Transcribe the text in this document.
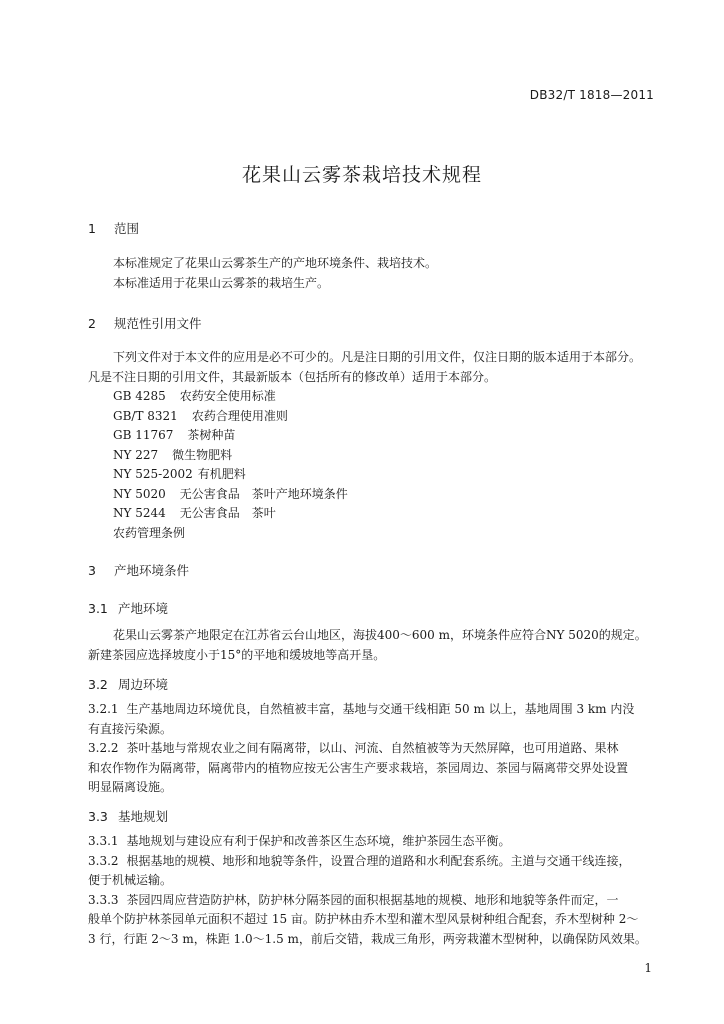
DB32/T 1818—2011
花果山云雾茶栽培技术规程
1 范围
本标准规定了花果山云雾茶生产的产地环境条件、栽培技术。
本标准适用于花果山云雾茶的栽培生产。
2 规范性引用文件
下列文件对于本文件的应用是必不可少的。凡是注日期的引用文件，仅注日期的版本适用于本部分。
凡是不注日期的引用文件，其最新版本（包括所有的修改单）适用于本部分。
GB 4285 农药安全使用标准
GB/T 8321 农药合理使用准则
GB 11767 茶树种苗
NY 227 微生物肥料
NY 525-2002 有机肥料
NY 5020 无公害食品　茶叶产地环境条件
NY 5244 无公害食品　茶叶
农药管理条例
3 产地环境条件
3.1 产地环境
花果山云雾茶产地限定在江苏省云台山地区，海拔400～600 m，环境条件应符合NY 5020的规定。
新建茶园应选择坡度小于15°的平地和缓坡地等高开垦。
3.2 周边环境
3.2.1 生产基地周边环境优良，自然植被丰富，基地与交通干线相距 50 m 以上，基地周围 3 km 内没
有直接污染源。
3.2.2 茶叶基地与常规农业之间有隔离带，以山、河流、自然植被等为天然屏障，也可用道路、果林
和农作物作为隔离带，隔离带内的植物应按无公害生产要求栽培，茶园周边、茶园与隔离带交界处设置
明显隔离设施。
3.3 基地规划
3.3.1 基地规划与建设应有利于保护和改善茶区生态环境，维护茶园生态平衡。
3.3.2 根据基地的规模、地形和地貌等条件，设置合理的道路和水利配套系统。主道与交通干线连接，
便于机械运输。
3.3.3 茶园四周应营造防护林，防护林分隔茶园的面积根据基地的规模、地形和地貌等条件而定，一
般单个防护林茶园单元面积不超过 15 亩。防护林由乔木型和灌木型风景树种组合配套，乔木型树种 2～
3 行，行距 2～3 m，株距 1.0～1.5 m，前后交错，栽成三角形，两旁栽灌木型树种，以确保防风效果。
1
